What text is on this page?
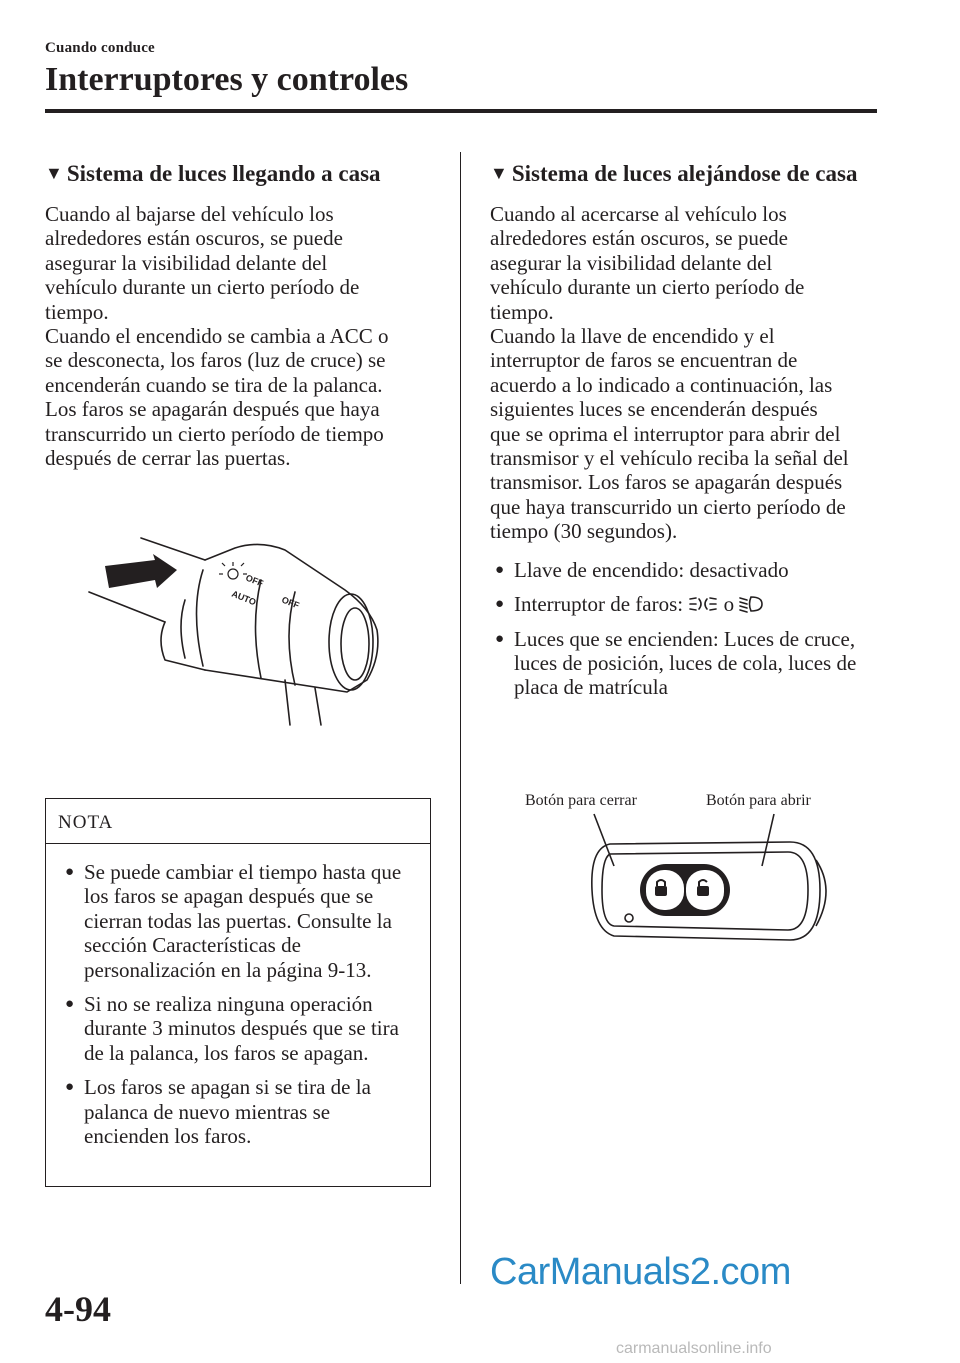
Cuando conduce
Interruptores y controles
▼ Sistema de luces llegando a casa
Cuando al bajarse del vehículo los
alrededores están oscuros, se puede
asegurar la visibilidad delante del
vehículo durante un cierto período de
tiempo.
Cuando el encendido se cambia a ACC o
se desconecta, los faros (luz de cruce) se
encenderán cuando se tira de la palanca.
Los faros se apagarán después que haya
transcurrido un cierto período de tiempo
después de cerrar las puertas.
OFF
AUTO	OFF
NOTA
● Se puede cambiar el tiempo hasta que los faros se apagan después que se cierran todas las puertas. Consulte la sección Características de personalización en la página 9-13.
● Si no se realiza ninguna operación durante 3 minutos después que se tira de la palanca, los faros se apagan.
● Los faros se apagan si se tira de la palanca de nuevo mientras se encienden los faros.
▼ Sistema de luces alejándose de casa
Cuando al acercarse al vehículo los
alrededores están oscuros, se puede
asegurar la visibilidad delante del
vehículo durante un cierto período de
tiempo.
Cuando la llave de encendido y el
interruptor de faros se encuentran de
acuerdo a lo indicado a continuación, las
siguientes luces se encenderán después
que se oprima el interruptor para abrir del
transmisor y el vehículo reciba la señal del
transmisor. Los faros se apagarán después
que haya transcurrido un cierto período de
tiempo (30 segundos).
● Llave de encendido: desactivado
● Interruptor de faros: o
● Luces que se encienden: Luces de cruce, luces de posición, luces de cola, luces de placa de matrícula
Botón para cerrar	Botón para abrir
CarManuals2.com
4-94
carmanualsonline.info
